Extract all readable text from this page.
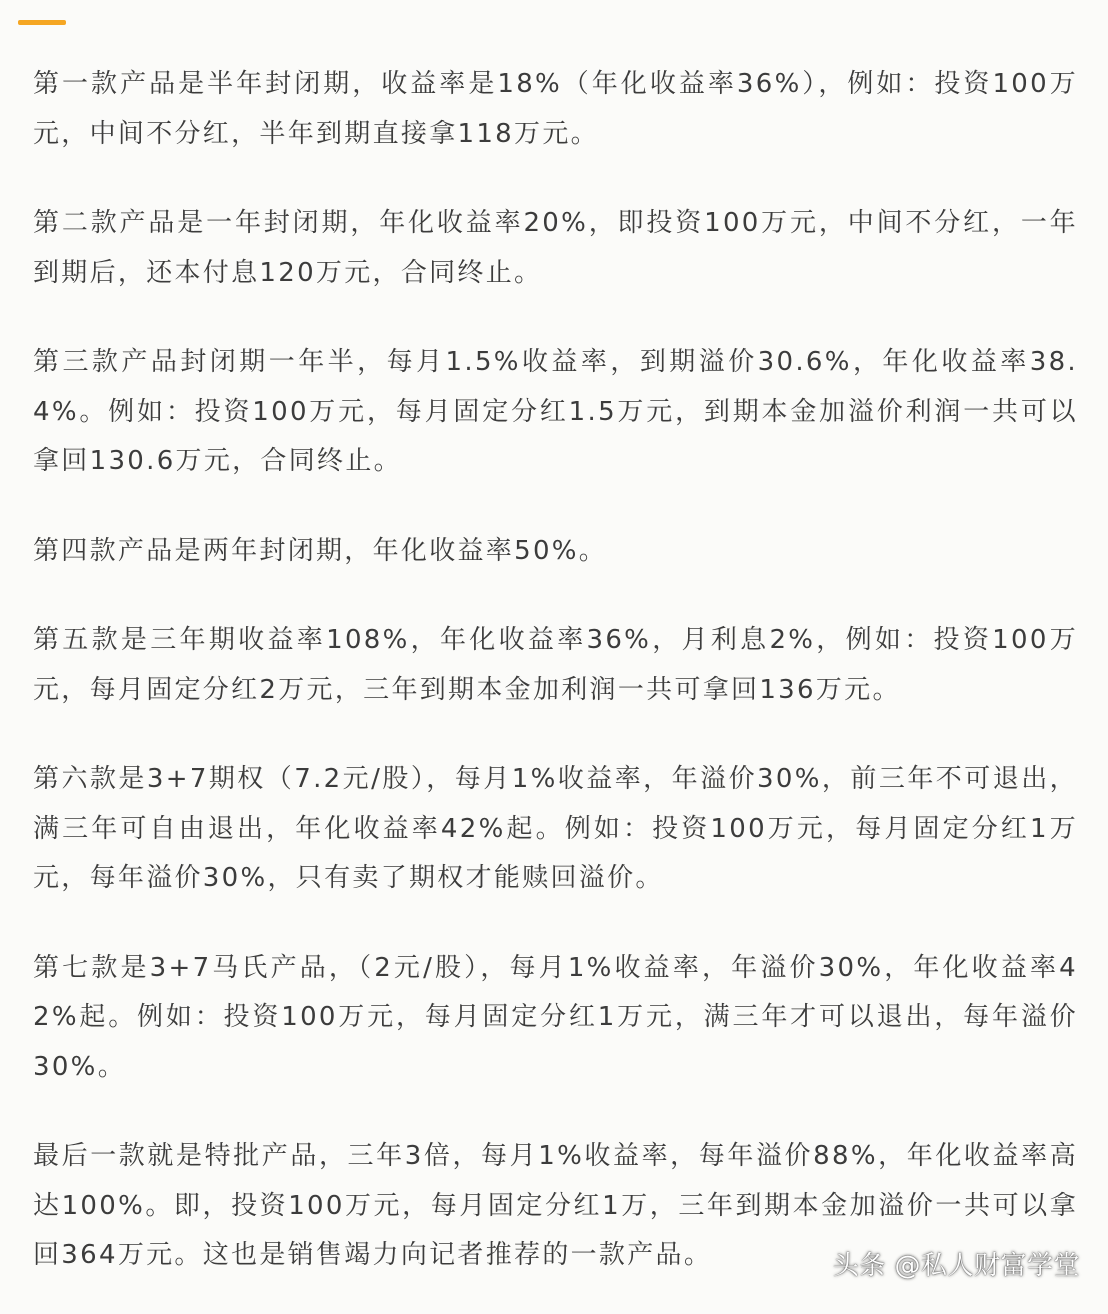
第一款产品是半年封闭期，收益率是18%（年化收益率36%），例如：投资100万元，中间不分红，半年到期直接拿118万元。

第二款产品是一年封闭期，年化收益率20%，即投资100万元，中间不分红，一年到期后，还本付息120万元，合同终止。

第三款产品封闭期一年半，每月1.5%收益率，到期溢价30.6%，年化收益率38.4%。例如：投资100万元，每月固定分红1.5万元，到期本金加溢价利润一共可以拿回130.6万元，合同终止。

第四款产品是两年封闭期，年化收益率50%。

第五款是三年期收益率108%，年化收益率36%，月利息2%，例如：投资100万元，每月固定分红2万元，三年到期本金加利润一共可拿回136万元。

第六款是3+7期权（7.2元/股），每月1%收益率，年溢价30%，前三年不可退出，满三年可自由退出，年化收益率42%起。例如：投资100万元，每月固定分红1万元，每年溢价30%，只有卖了期权才能赎回溢价。

第七款是3+7马氏产品，（2元/股），每月1%收益率，年溢价30%，年化收益率42%起。例如：投资100万元，每月固定分红1万元，满三年才可以退出，每年溢价30%。

最后一款就是特批产品，三年3倍，每月1%收益率，每年溢价88%，年化收益率高达100%。即，投资100万元，每月固定分红1万，三年到期本金加溢价一共可以拿回364万元。这也是销售竭力向记者推荐的一款产品。	头条 @私人财富学堂
